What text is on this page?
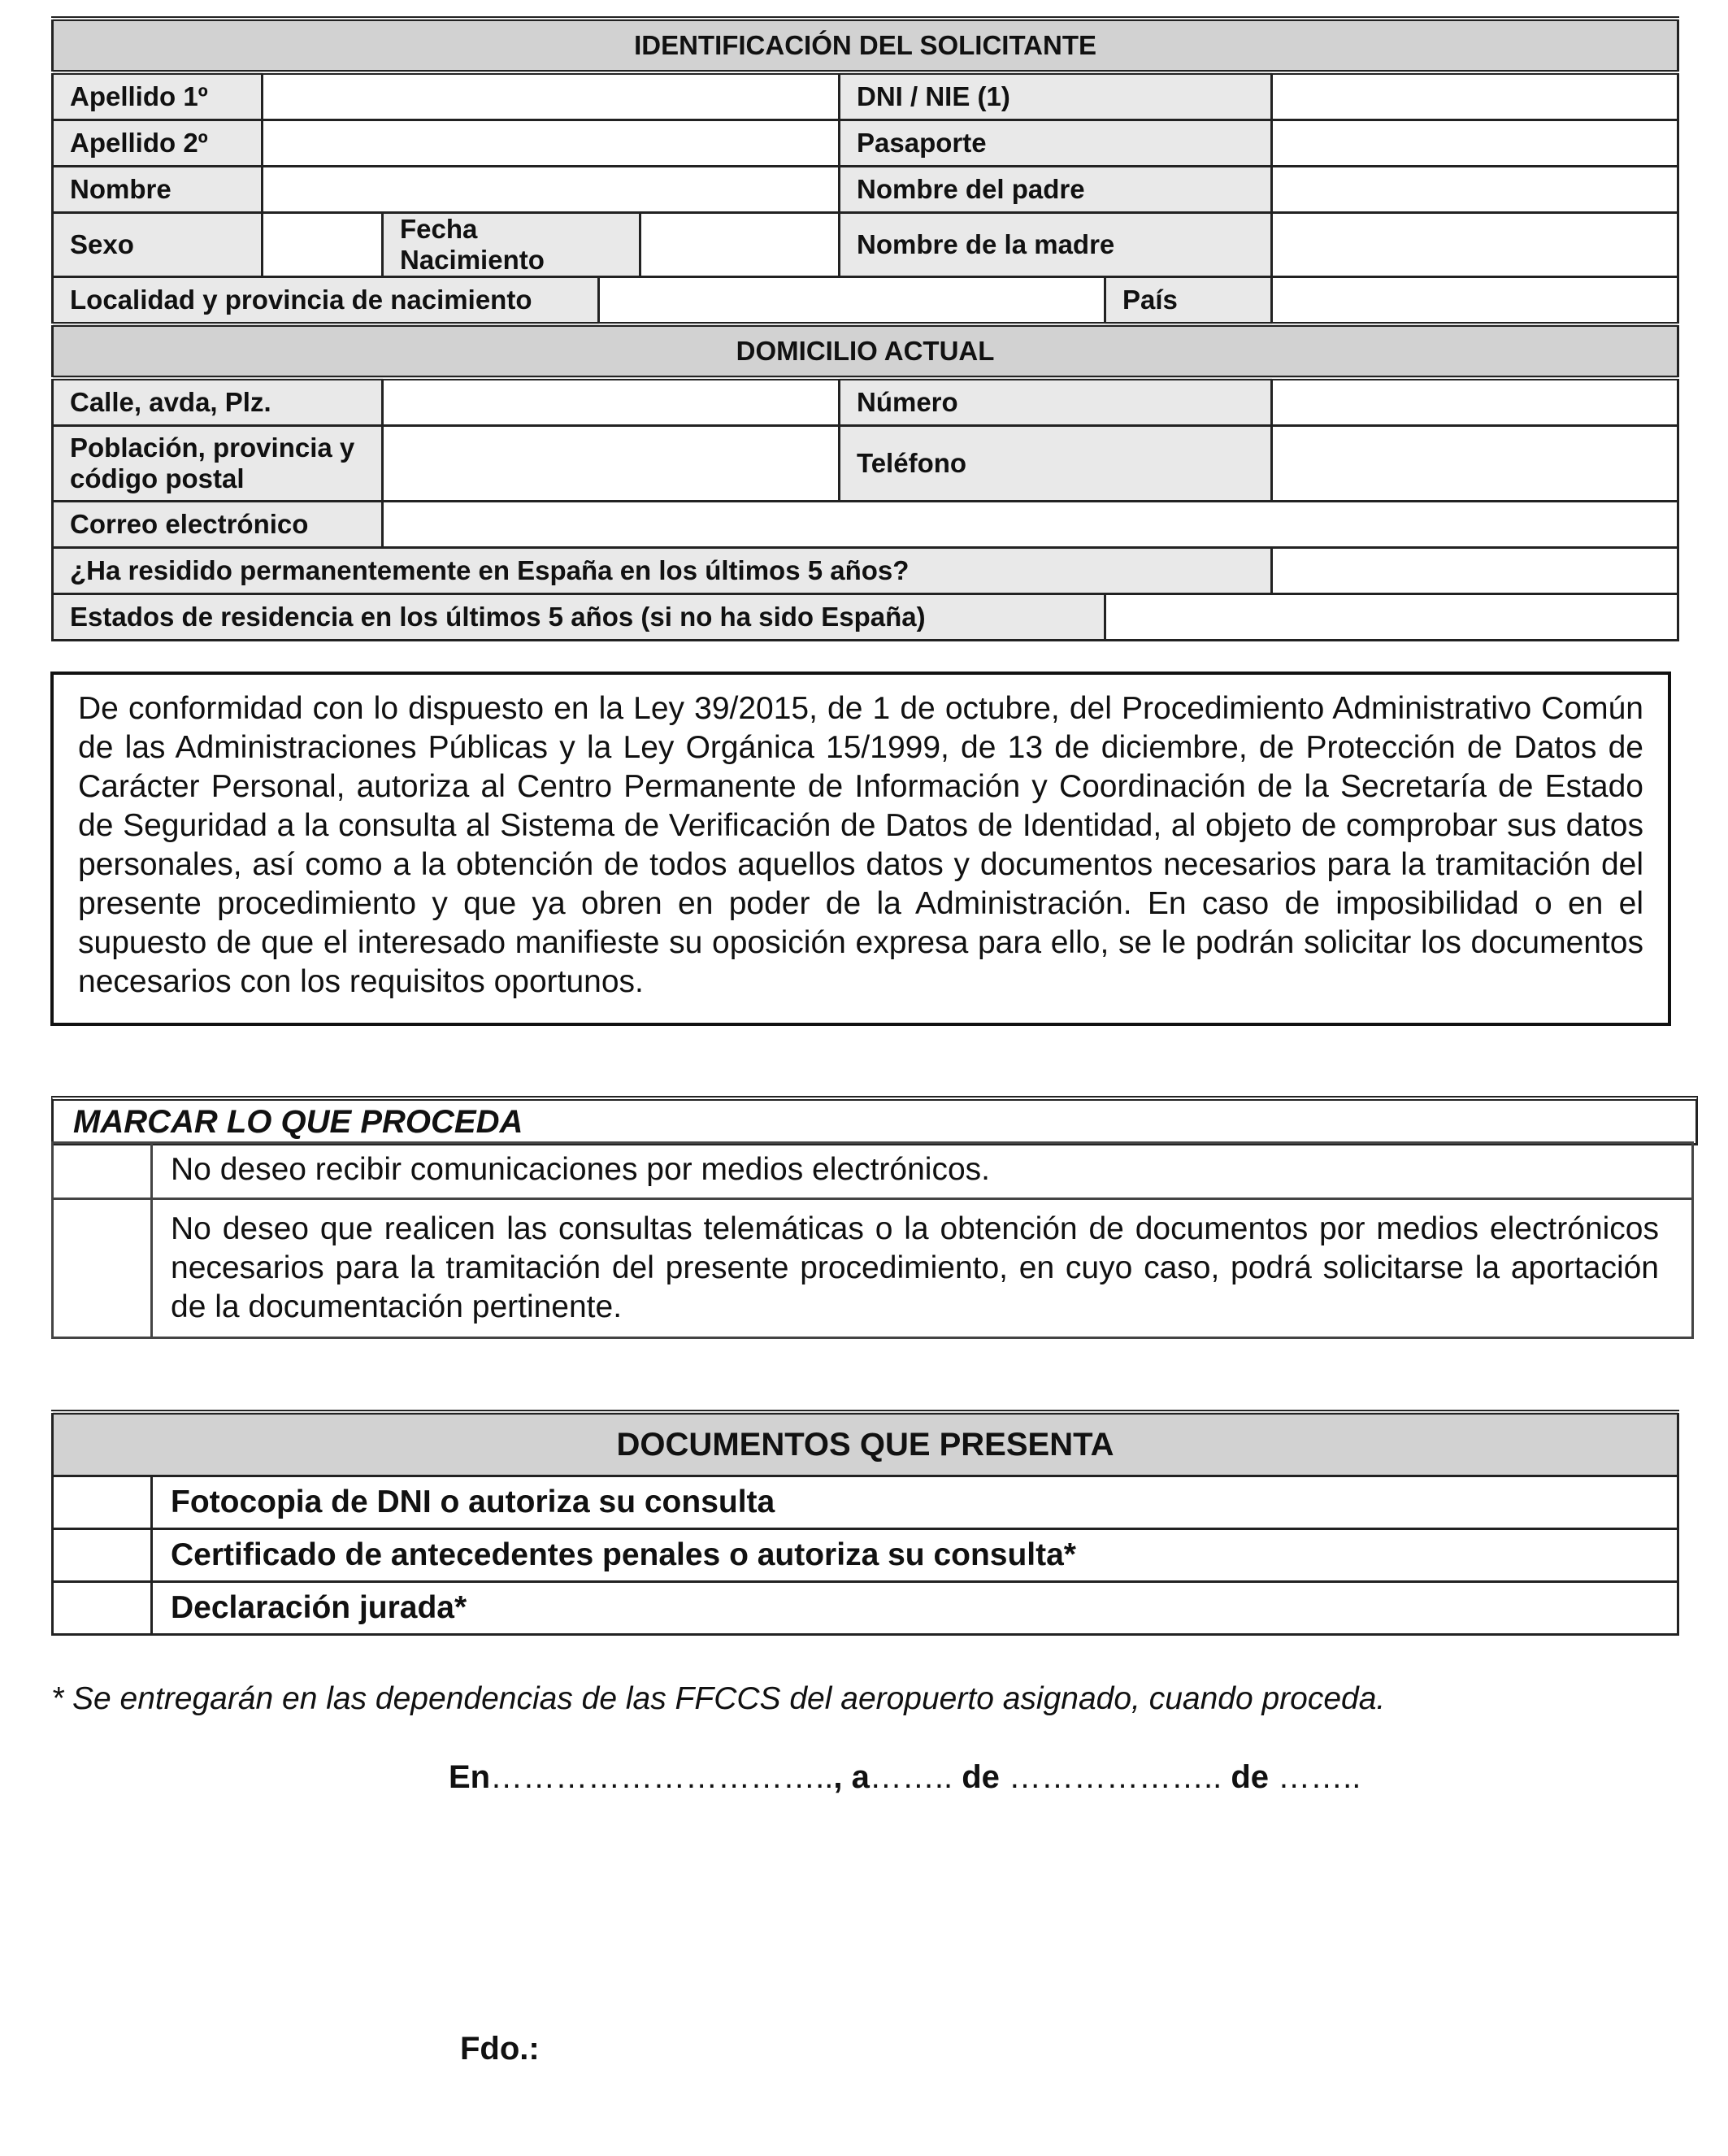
IDENTIFICACIÓN DEL SOLICITANTE							
Apellido 1º					DNI / NIE (1)		
Apellido 2º					Pasaporte		
Nombre					Nombre del padre		
Sexo		Fecha Nacimiento			Nombre de la madre		
Localidad y provincia de nacimiento						País	
DOMICILIO ACTUAL							
Calle, avda, Plz.					Número		
Población, provincia y
código postal					Teléfono		
Correo electrónico							
¿Ha residido permanentemente en España en los últimos 5 años?							
Estados de residencia en los últimos 5 años (si no ha sido España)							
De conformidad con lo dispuesto en la Ley 39/2015, de 1 de octubre, del Procedimiento Administrativo Común de las Administraciones Públicas y la Ley Orgánica 15/1999, de 13 de diciembre, de Protección de Datos de Carácter Personal, autoriza al Centro Permanente de Información y Coordinación de la Secretaría de Estado de Seguridad a la consulta al Sistema de Verificación de Datos de Identidad, al objeto de comprobar sus datos personales, así como a la obtención de todos aquellos datos y documentos necesarios para la tramitación del presente procedimiento y que ya obren en poder de la Administración. En caso de imposibilidad o en el supuesto de que el interesado manifieste su oposición expresa para ello, se le podrán solicitar los documentos necesarios con los requisitos oportunos.
MARCAR LO QUE PROCEDA
	No deseo recibir comunicaciones por medios electrónicos.
	No deseo que realicen las consultas telemáticas o la obtención de documentos por medios electrónicos necesarios para la tramitación del presente procedimiento, en cuyo caso, podrá solicitarse la aportación de la documentación pertinente.
DOCUMENTOS QUE PRESENTA	
	Fotocopia de DNI o autoriza su consulta
	Certificado de antecedentes penales o autoriza su consulta*
	Declaración jurada*
* Se entregarán en las dependencias de las FFCCS del aeropuerto asignado, cuando proceda.
En………………………….., a…….. de ……………….. de ……..
Fdo.:
